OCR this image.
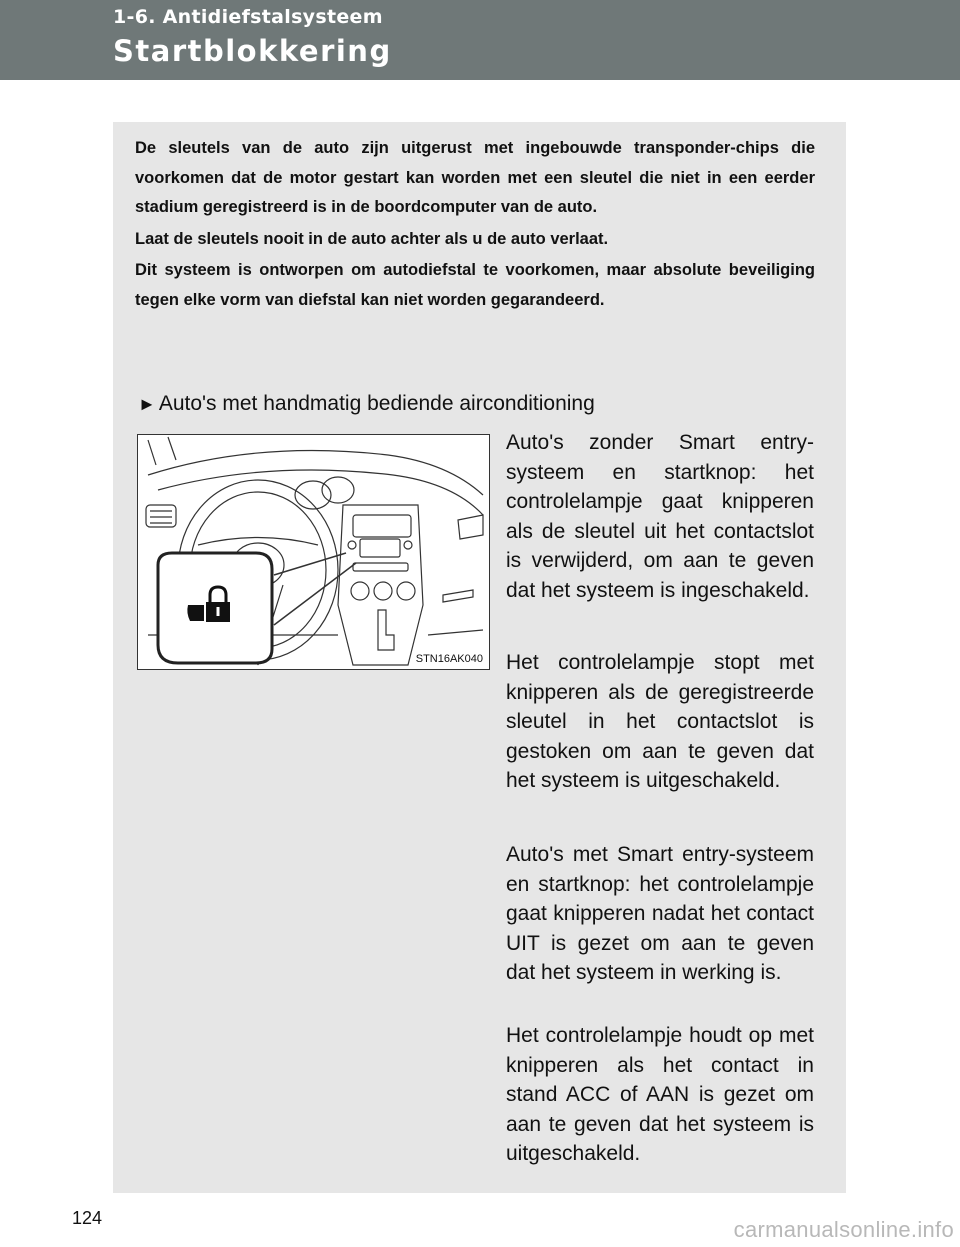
1-6. Antidiefstalsysteem
Startblokkering

De sleutels van de auto zijn uitgerust met ingebouwde transponder-chips die voorkomen dat de motor gestart kan worden met een sleutel die niet in een eerder stadium geregistreerd is in de boordcomputer van de auto.

Laat de sleutels nooit in de auto achter als u de auto verlaat.

Dit systeem is ontworpen om autodiefstal te voorkomen, maar absolute beveiliging tegen elke vorm van diefstal kan niet worden gegarandeerd.

► Auto's met handmatig bediende airconditioning
STN16AK040

Auto's zonder Smart entry-systeem en startknop: het controlelampje gaat knipperen als de sleutel uit het contactslot is verwijderd, om aan te geven dat het systeem is ingeschakeld.

Het controlelampje stopt met knipperen als de geregistreerde sleutel in het contactslot is gestoken om aan te geven dat het systeem is uitgeschakeld.

Auto's met Smart entry-systeem en startknop: het controlelampje gaat knipperen nadat het contact UIT is gezet om aan te geven dat het systeem in werking is.

Het controlelampje houdt op met knipperen als het contact in stand ACC of AAN is gezet om aan te geven dat het systeem is uitgeschakeld.

124	carmanualsonline.info
